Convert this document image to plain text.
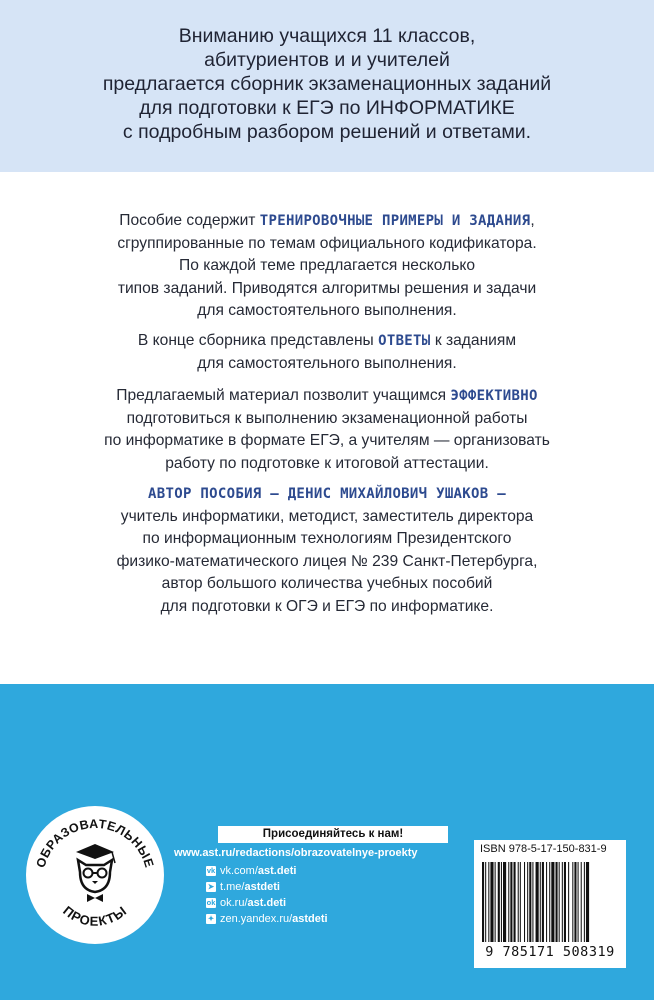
Вниманию учащихся 11 классов,
абитуриентов и и учителей
предлагается сборник экзаменационных заданий
для подготовки к ЕГЭ по ИНФОРМАТИКЕ
с подробным разбором решений и ответами.
Пособие содержит ТРЕНИРОВОЧНЫЕ ПРИМЕРЫ И ЗАДАНИЯ,
сгруппированные по темам официального кодификатора.
По каждой теме предлагается несколько
типов заданий. Приводятся алгоритмы решения и задачи
для самостоятельного выполнения.
В конце сборника представлены ОТВЕТЫ к заданиям
для самостоятельного выполнения.
Предлагаемый материал позволит учащимся ЭФФЕКТИВНО
подготовиться к выполнению экзаменационной работы
по информатике в формате ЕГЭ, а учителям — организовать
работу по подготовке к итоговой аттестации.
АВТОР ПОСОБИЯ — ДЕНИС МИХАЙЛОВИЧ УШАКОВ —
учитель информатики, методист, заместитель директора
по информационным технологиям Президентского
физико-математического лицея № 239 Санкт-Петербурга,
автор большого количества учебных пособий
для подготовки к ОГЭ и ЕГЭ по информатике.
ОБРАЗОВАТЕЛЬНЫЕ
ПРОЕКТЫ
Присоединяйтесь к нам!
www.ast.ru/redactions/obrazovatelnye-proekty
vk vk.com/ ast.deti
➤ t.me/ astdeti
ok ok.ru/ ast.deti
✦ zen.yandex.ru/ astdeti
ISBN 978-5-17-150-831-9
9 785171 508319
